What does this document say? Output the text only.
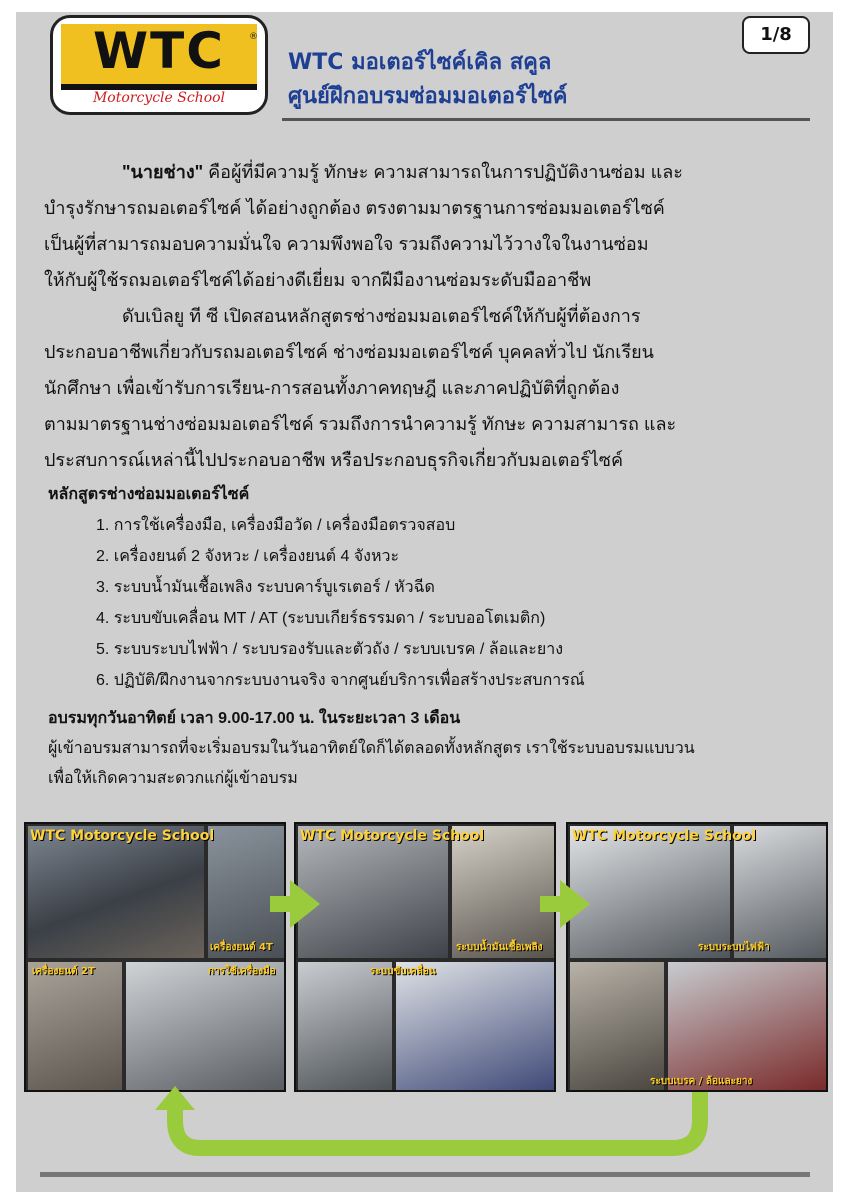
WTC	®
Motorcycle School
WTC มอเตอร์ไซค์เคิล สคูล
ศูนย์ฝึกอบรมซ่อมมอเตอร์ไซค์
1/8
"นายช่าง" คือผู้ที่มีความรู้ ทักษะ ความสามารถในการปฏิบัติงานซ่อม และ
บำรุงรักษารถมอเตอร์ไซค์ ได้อย่างถูกต้อง ตรงตามมาตรฐานการซ่อมมอเตอร์ไซค์
เป็นผู้ที่สามารถมอบความมั่นใจ ความพึงพอใจ รวมถึงความไว้วางใจในงานซ่อม
ให้กับผู้ใช้รถมอเตอร์ไซค์ได้อย่างดีเยี่ยม จากฝีมืองานซ่อมระดับมืออาชีพ
ดับเบิลยู ที ซี เปิดสอนหลักสูตรช่างซ่อมมอเตอร์ไซค์ให้กับผู้ที่ต้องการ
ประกอบอาชีพเกี่ยวกับรถมอเตอร์ไซค์ ช่างซ่อมมอเตอร์ไซค์ บุคคลทั่วไป นักเรียน
นักศึกษา เพื่อเข้ารับการเรียน-การสอนทั้งภาคทฤษฎี และภาคปฏิบัติที่ถูกต้อง
ตามมาตรฐานช่างซ่อมมอเตอร์ไซค์ รวมถึงการนำความรู้ ทักษะ ความสามารถ และ
ประสบการณ์เหล่านี้ไปประกอบอาชีพ หรือประกอบธุรกิจเกี่ยวกับมอเตอร์ไซค์
หลักสูตรช่างซ่อมมอเตอร์ไซค์
1. การใช้เครื่องมือ, เครื่องมือวัด / เครื่องมือตรวจสอบ
2. เครื่องยนต์ 2 จังหวะ / เครื่องยนต์ 4 จังหวะ
3. ระบบน้ำมันเชื้อเพลิง ระบบคาร์บูเรเตอร์ / หัวฉีด
4. ระบบขับเคลื่อน MT / AT (ระบบเกียร์ธรรมดา / ระบบออโตเมติก)
5. ระบบระบบไฟฟ้า / ระบบรองรับและตัวถัง / ระบบเบรค / ล้อและยาง
6. ปฏิบัติ/ฝึกงานจากระบบงานจริง จากศูนย์บริการเพื่อสร้างประสบการณ์
อบรมทุกวันอาทิตย์ เวลา 9.00-17.00 น. ในระยะเวลา 3 เดือน
ผู้เข้าอบรมสามารถที่จะเริ่มอบรมในวันอาทิตย์ใดก็ได้ตลอดทั้งหลักสูตร เราใช้ระบบอบรมแบบวน
เพื่อให้เกิดความสะดวกแก่ผู้เข้าอบรม
WTC Motorcycle School
เครื่องยนต์ 4T
เครื่องยนต์ 2T	การใช้เครื่องมือ
WTC Motorcycle School
ระบบน้ำมันเชื้อเพลิง
ระบบขับเคลื่อน
WTC Motorcycle School
ระบบระบบไฟฟ้า
ระบบเบรค / ล้อและยาง
